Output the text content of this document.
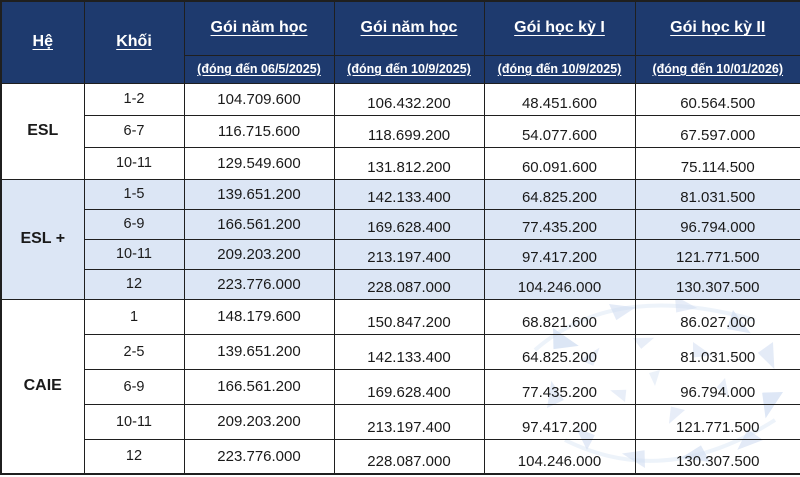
Hệ	Khối	Gói năm học	Gói năm học	Gói học kỳ I	Gói học kỳ II
		(đóng đến 06/5/2025)	(đóng đến 10/9/2025)	(đóng đến 10/9/2025)	(đóng đến 10/01/2026)
ESL	1-2	104.709.600	106.432.200	48.451.600	60.564.500
	6-7	116.715.600	118.699.200	54.077.600	67.597.000
	10-11	129.549.600	131.812.200	60.091.600	75.114.500
ESL +	1-5	139.651.200	142.133.400	64.825.200	81.031.500
	6-9	166.561.200	169.628.400	77.435.200	96.794.000
	10-11	209.203.200	213.197.400	97.417.200	121.771.500
	12	223.776.000	228.087.000	104.246.000	130.307.500
CAIE	1	148.179.600	150.847.200	68.821.600	86.027.000
	2-5	139.651.200	142.133.400	64.825.200	81.031.500
	6-9	166.561.200	169.628.400	77.435.200	96.794.000
	10-11	209.203.200	213.197.400	97.417.200	121.771.500
	12	223.776.000	228.087.000	104.246.000	130.307.500
